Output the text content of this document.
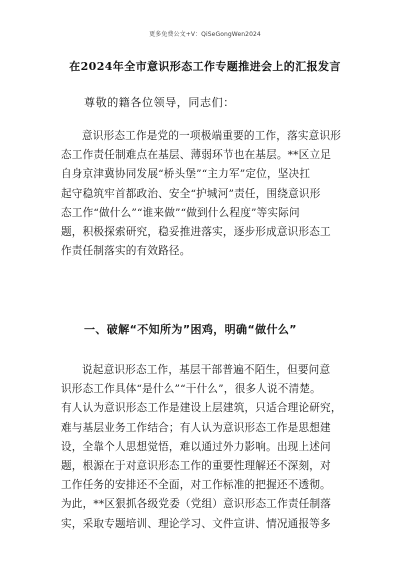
更多免费公文+V：QiSeGongWen2024
在2024年全市意识形态工作专题推进会上的汇报发言
尊敬的籍各位领导，同志们：
意识形态工作是党的一项极端重要的工作，落实意识形
态工作责任制难点在基层、薄弱环节也在基层。**区立足
自身京津冀协同发展“桥头堡”“主力军”定位，坚决扛
起守稳筑牢首都政治、安全“护城河”责任，围绕意识形
态工作“做什么”“谁来做”“做到什么程度”等实际问
题，积极探索研究，稳妥推进落实，逐步形成意识形态工
作责任制落实的有效路径。
一、破解“不知所为”困鸡，明确“做什么”
说起意识形态工作，基层干部普遍不陌生，但要问意
识形态工作具体“是什么”“干什么”，很多人说不清楚。
有人认为意识形态工作是建设上层建筑，只适合理论研究，
难与基层业务工作结合；有人认为意识形态工作是思想建
设，全靠个人思想觉悟，难以通过外力影响。出现上述问
题，根源在于对意识形态工作的重要性理解还不深刻，对
工作任务的安排还不全面，对工作标准的把握还不透彻。
为此，**区狠抓各级党委（党组）意识形态工作责任制落
实，采取专题培训、理论学习、文件宣讲、情况通报等多
